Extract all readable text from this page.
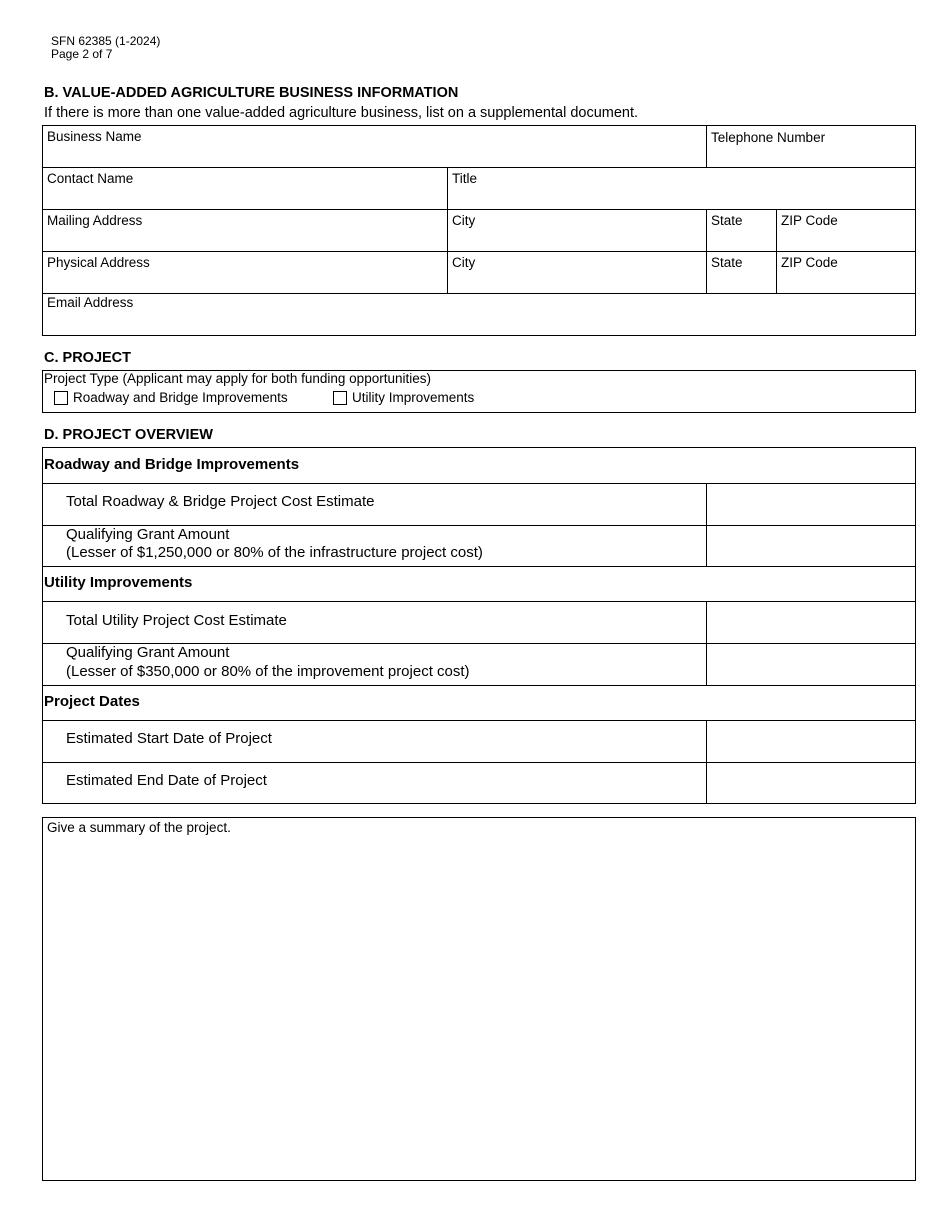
SFN 62385 (1-2024)
Page 2 of 7
B. VALUE-ADDED AGRICULTURE BUSINESS INFORMATION
If there is more than one value-added agriculture business, list on a supplemental document.
Business Name	Telephone Number
Contact Name	Title
Mailing Address	City	State	ZIP Code
Physical Address	City	State	ZIP Code
Email Address
C. PROJECT
Project Type (Applicant may apply for both funding opportunities)
Roadway and Bridge Improvements	Utility Improvements
D. PROJECT OVERVIEW
Roadway and Bridge Improvements
Total Roadway & Bridge Project Cost Estimate
Qualifying Grant Amount
(Lesser of $1,250,000 or 80% of the infrastructure project cost)
Utility Improvements
Total Utility Project Cost Estimate
Qualifying Grant Amount
(Lesser of $350,000 or 80% of the improvement project cost)
Project Dates
Estimated Start Date of Project
Estimated End Date of Project
Give a summary of the project.
